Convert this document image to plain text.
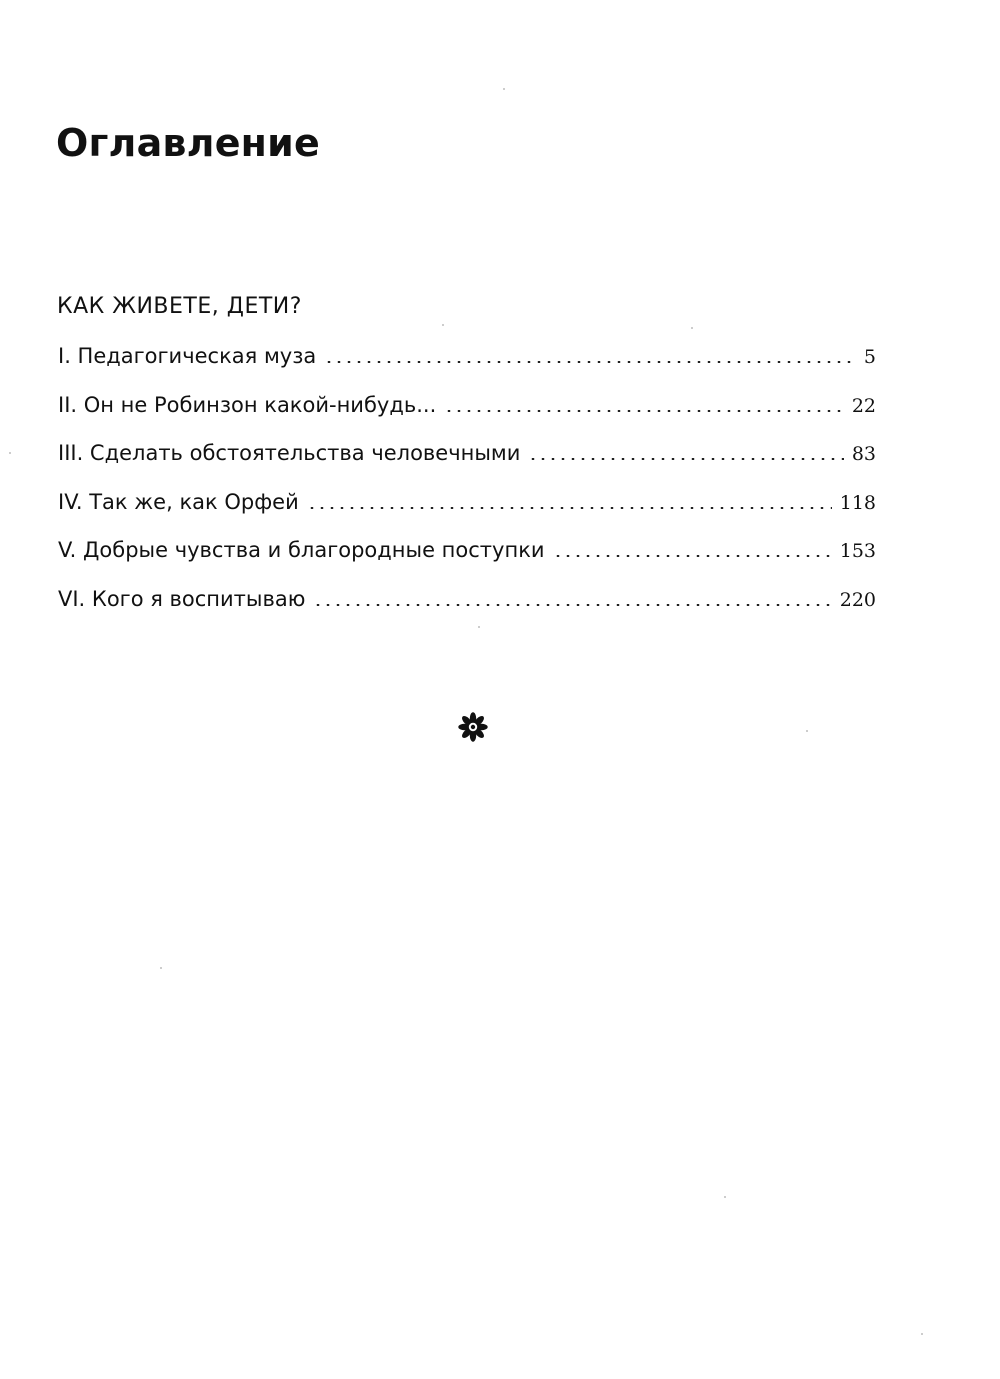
Оглавление
КАК ЖИВЕТЕ, ДЕТИ?
I. Педагогическая муза	5
II. Он не Робинзон какой-нибудь...	22
III. Сделать обстоятельства человечными	83
IV. Так же, как Орфей	118
V. Добрые чувства и благородные поступки	153
VI. Кого я воспитываю	220
